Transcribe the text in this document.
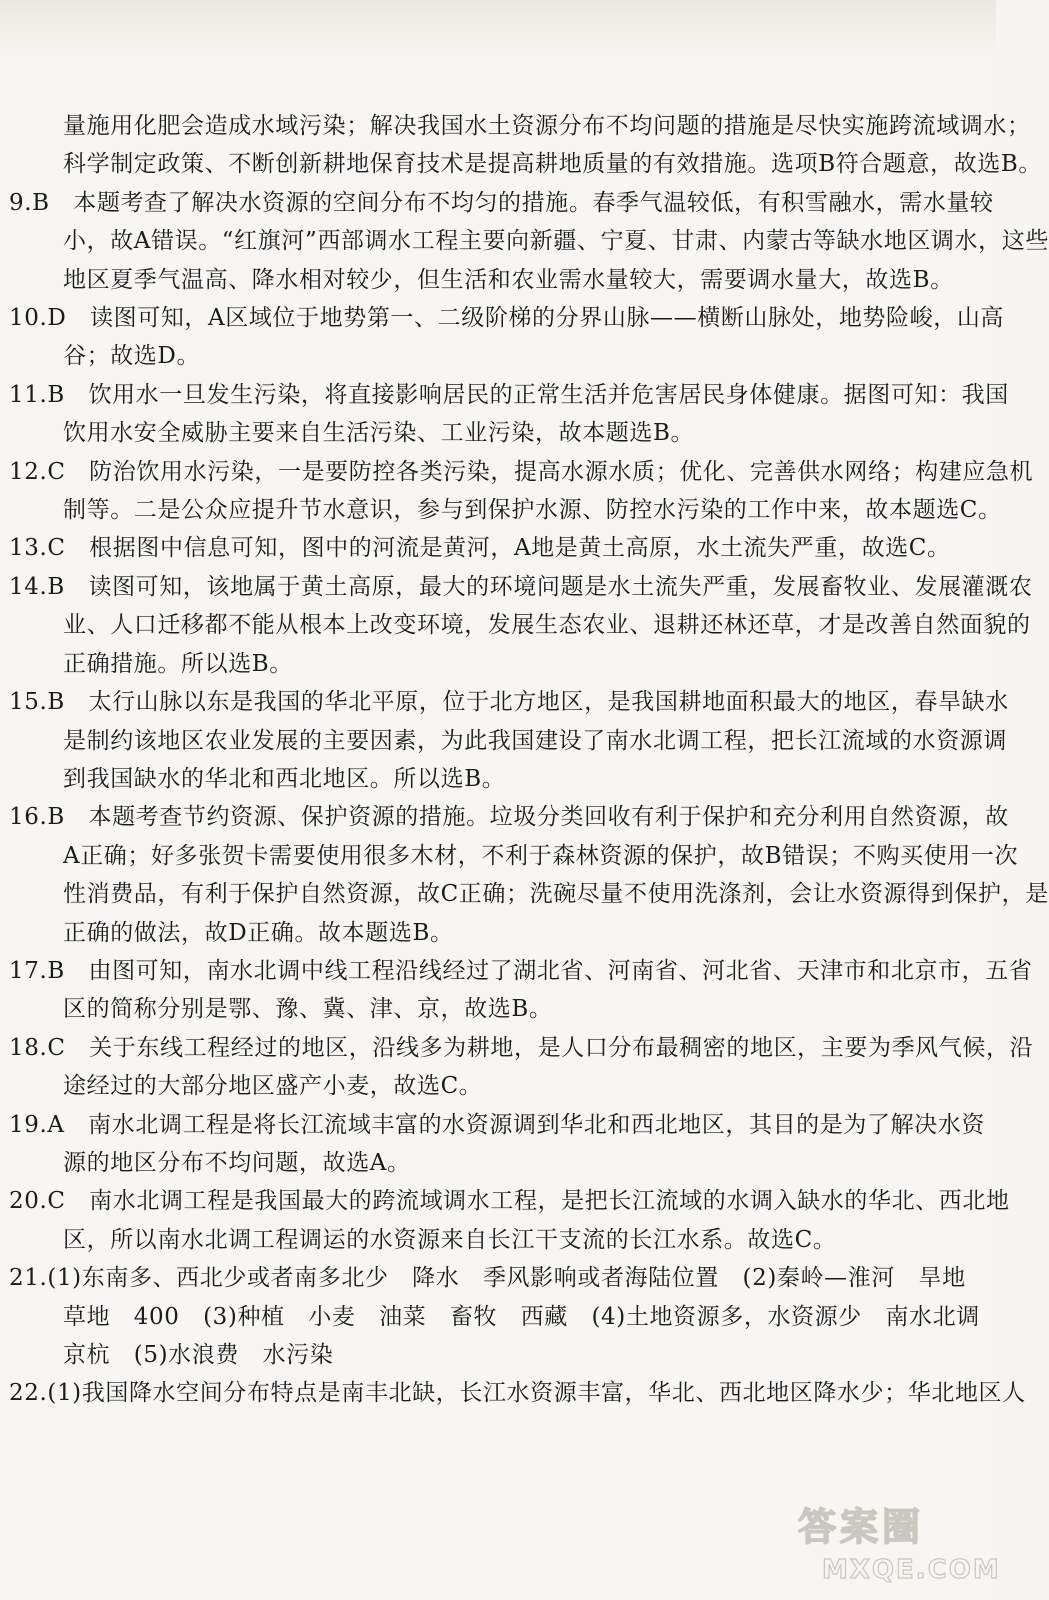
量施用化肥会造成水域污染；解决我国水土资源分布不均问题的措施是尽快实施跨流域调水；
科学制定政策、不断创新耕地保育技术是提高耕地质量的有效措施。选项B符合题意，故选B。
9.B　本题考查了解决水资源的空间分布不均匀的措施。春季气温较低，有积雪融水，需水量较
小，故A错误。“红旗河”西部调水工程主要向新疆、宁夏、甘肃、内蒙古等缺水地区调水，这些
地区夏季气温高、降水相对较少，但生活和农业需水量较大，需要调水量大，故选B。
10.D　读图可知，A区域位于地势第一、二级阶梯的分界山脉——横断山脉处，地势险峻，山高
谷；故选D。
11.B　饮用水一旦发生污染，将直接影响居民的正常生活并危害居民身体健康。据图可知：我国
饮用水安全威胁主要来自生活污染、工业污染，故本题选B。
12.C　防治饮用水污染，一是要防控各类污染，提高水源水质；优化、完善供水网络；构建应急机
制等。二是公众应提升节水意识，参与到保护水源、防控水污染的工作中来，故本题选C。
13.C　根据图中信息可知，图中的河流是黄河，A地是黄土高原，水土流失严重，故选C。
14.B　读图可知，该地属于黄土高原，最大的环境问题是水土流失严重，发展畜牧业、发展灌溉农
业、人口迁移都不能从根本上改变环境，发展生态农业、退耕还林还草，才是改善自然面貌的
正确措施。所以选B。
15.B　太行山脉以东是我国的华北平原，位于北方地区，是我国耕地面积最大的地区，春旱缺水
是制约该地区农业发展的主要因素，为此我国建设了南水北调工程，把长江流域的水资源调
到我国缺水的华北和西北地区。所以选B。
16.B　本题考查节约资源、保护资源的措施。垃圾分类回收有利于保护和充分利用自然资源，故
A正确；好多张贺卡需要使用很多木材，不利于森林资源的保护，故B错误；不购买使用一次
性消费品，有利于保护自然资源，故C正确；洗碗尽量不使用洗涤剂，会让水资源得到保护，是
正确的做法，故D正确。故本题选B。
17.B　由图可知，南水北调中线工程沿线经过了湖北省、河南省、河北省、天津市和北京市，五省
区的简称分别是鄂、豫、冀、津、京，故选B。
18.C　关于东线工程经过的地区，沿线多为耕地，是人口分布最稠密的地区，主要为季风气候，沿
途经过的大部分地区盛产小麦，故选C。
19.A　南水北调工程是将长江流域丰富的水资源调到华北和西北地区，其目的是为了解决水资
源的地区分布不均问题，故选A。
20.C　南水北调工程是我国最大的跨流域调水工程，是把长江流域的水调入缺水的华北、西北地
区，所以南水北调工程调运的水资源来自长江干支流的长江水系。故选C。
21.(1)东南多、西北少或者南多北少　降水　季风影响或者海陆位置　(2)秦岭—淮河　旱地
草地　400　(3)种植　小麦　油菜　畜牧　西藏　(4)土地资源多，水资源少　南水北调
京杭　(5)水浪费　水污染
22.(1)我国降水空间分布特点是南丰北缺，长江水资源丰富，华北、西北地区降水少；华北地区人
答案圈
MXQE.COM
